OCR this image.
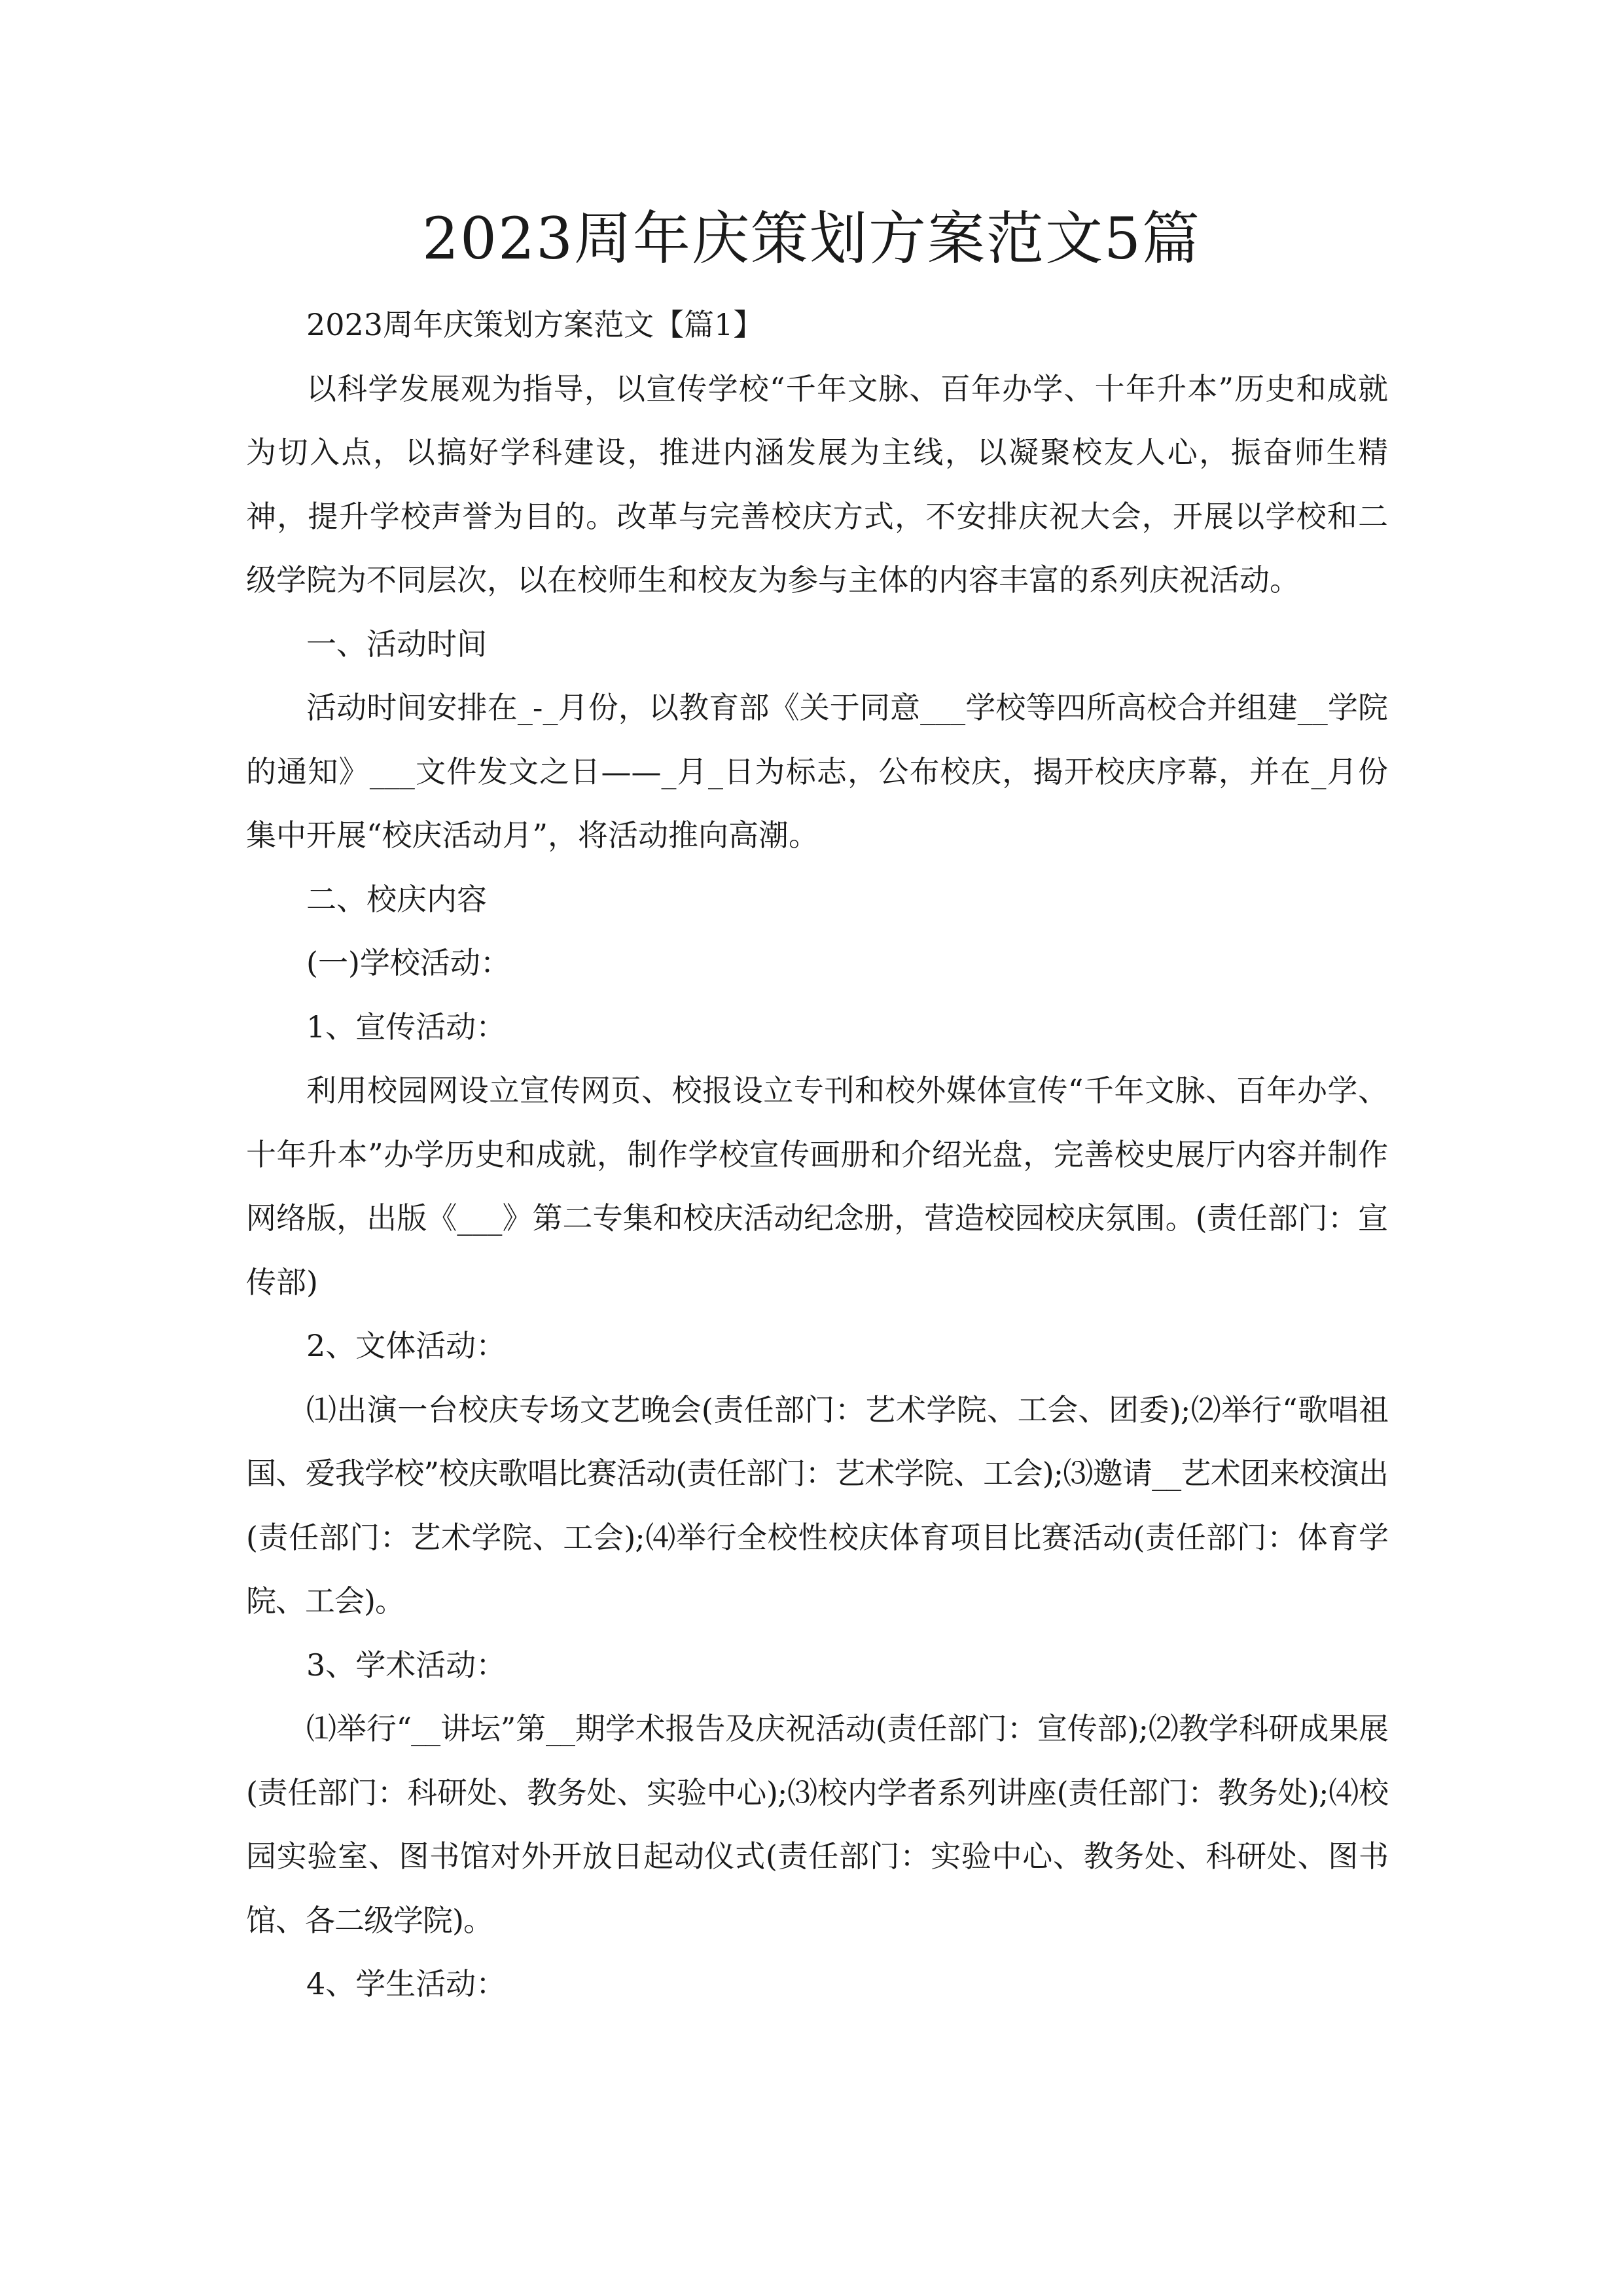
2023周年庆策划方案范文5篇

2023周年庆策划方案范文【篇1】

以科学发展观为指导，以宣传学校“千年文脉、百年办学、十年升本”历史和成就为切入点，以搞好学科建设，推进内涵发展为主线，以凝聚校友人心，振奋师生精神，提升学校声誉为目的。改革与完善校庆方式，不安排庆祝大会，开展以学校和二级学院为不同层次，以在校师生和校友为参与主体的内容丰富的系列庆祝活动。

一、活动时间

活动时间安排在_-_月份，以教育部《关于同意___学校等四所高校合并组建__学院的通知》___文件发文之日——_月_日为标志，公布校庆，揭开校庆序幕，并在_月份集中开展“校庆活动月”，将活动推向高潮。

二、校庆内容

(一)学校活动：

1、宣传活动：

利用校园网设立宣传网页、校报设立专刊和校外媒体宣传“千年文脉、百年办学、十年升本”办学历史和成就，制作学校宣传画册和介绍光盘，完善校史展厅内容并制作网络版，出版《___》第二专集和校庆活动纪念册，营造校园校庆氛围。(责任部门：宣传部)

2、文体活动：

⑴出演一台校庆专场文艺晚会(责任部门：艺术学院、工会、团委);⑵举行“歌唱祖国、爱我学校”校庆歌唱比赛活动(责任部门：艺术学院、工会);⑶邀请__艺术团来校演出(责任部门：艺术学院、工会);⑷举行全校性校庆体育项目比赛活动(责任部门：体育学院、工会)。

3、学术活动：

⑴举行“__讲坛”第__期学术报告及庆祝活动(责任部门：宣传部);⑵教学科研成果展(责任部门：科研处、教务处、实验中心);⑶校内学者系列讲座(责任部门：教务处);⑷校园实验室、图书馆对外开放日起动仪式(责任部门：实验中心、教务处、科研处、图书馆、各二级学院)。

4、学生活动：
